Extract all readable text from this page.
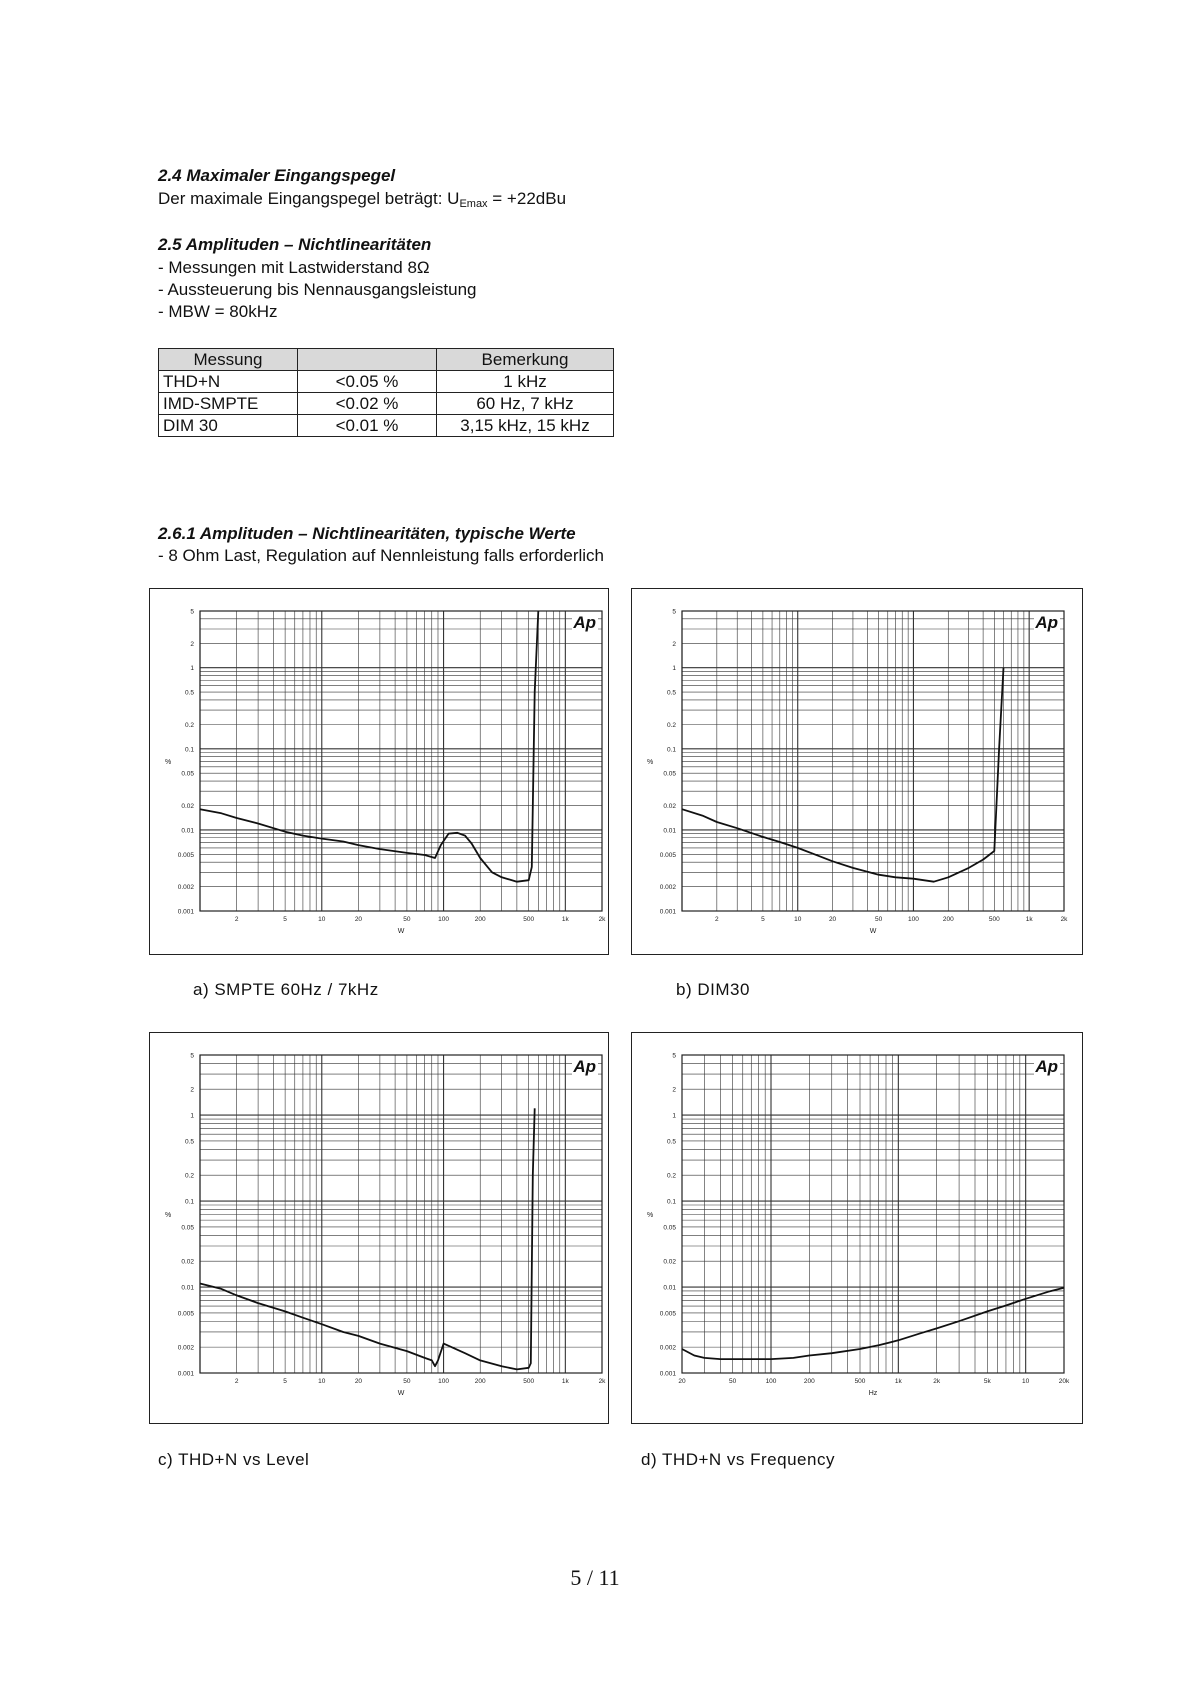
2.4 Maximaler Eingangspegel
Der maximale Eingangspegel beträgt: $U_{Emax} = +22dBu$
2.5 Amplituden – Nichtlinearitäten
- Messungen mit Lastwiderstand 8Ω
- Aussteuerung bis Nennausgangsleistung
- MBW = 80kHz
Messung		Bemerkung
THD+N	<0.05 %	1 kHz
IMD-SMPTE	<0.02 %	60 Hz, 7 kHz
DIM 30	<0.01 %	3,15 kHz, 15 kHz
2.6.1 Amplituden – Nichtlinearitäten, typische Werte
- 8 Ohm Last, Regulation auf Nennleistung falls erforderlich
5
2
1
0.5
0.2
0.1
0.05
0.02
0.01
0.005
0.002
0.001
2	5	10	20	50	100	200	500	1k	2k
%
W
Ap
5
2
1
0.5
0.2
0.1
0.05
0.02
0.01
0.005
0.002
0.001
2	5	10	20	50	100	200	500	1k	2k
%
W
Ap
5
2
1
0.5
0.2
0.1
0.05
0.02
0.01
0.005
0.002
0.001
2	5	10	20	50	100	200	500	1k	2k
%
W
Ap
5
2
1
0.5
0.2
0.1
0.05
0.02
0.01
0.005
0.002
0.001
20	50	100	200	500	1k	2k	5k	10	20k
%
Hz
Ap
a) SMPTE 60Hz / 7kHz	b) DIM30
c) THD+N vs Level	d) THD+N vs Frequency
5 / 11
